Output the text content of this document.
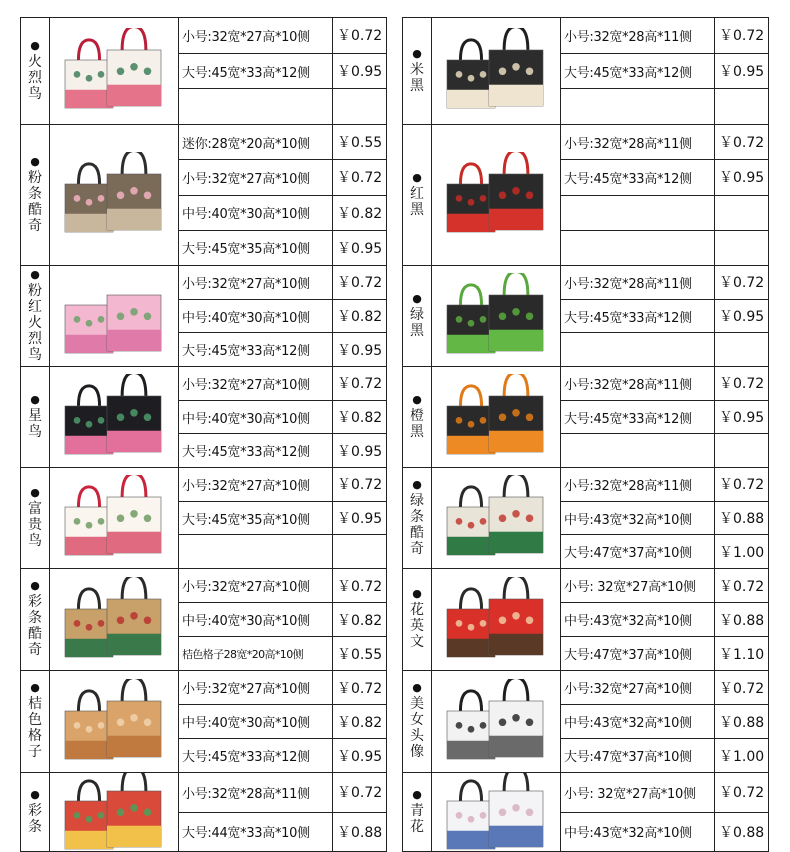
●
火烈鸟
小号:32宽*27高*10侧	￥0.72
大号:45宽*33高*12侧	￥0.95
●
粉条酷奇
迷你:28宽*20高*10侧	￥0.55
小号:32宽*27高*10侧	￥0.72
中号:40宽*30高*10侧	￥0.82
大号:45宽*35高*10侧	￥0.95
●
粉红火烈鸟
小号:32宽*27高*10侧	￥0.72
中号:40宽*30高*10侧	￥0.82
大号:45宽*33高*12侧	￥0.95
●
星鸟
小号:32宽*27高*10侧	￥0.72
中号:40宽*30高*10侧	￥0.82
大号:45宽*33高*12侧	￥0.95
●
富贵鸟
小号:32宽*27高*10侧	￥0.72
大号:45宽*35高*10侧	￥0.95
●
彩条酷奇
小号:32宽*27高*10侧	￥0.72
中号:40宽*30高*10侧	￥0.82
桔色格子28宽*20高*10侧	￥0.55
●
桔色格子
小号:32宽*27高*10侧	￥0.72
中号:40宽*30高*10侧	￥0.82
大号:45宽*33高*12侧	￥0.95
●
彩条
小号:32宽*28高*11侧	￥0.72
大号:44宽*33高*10侧	￥0.88
●
米黑
小号:32宽*28高*11侧	￥0.72
大号:45宽*33高*12侧	￥0.95
●
红黑
小号:32宽*28高*11侧	￥0.72
大号:45宽*33高*12侧	￥0.95
●
绿黑
小号:32宽*28高*11侧	￥0.72
大号:45宽*33高*12侧	￥0.95
●
橙黑
小号:32宽*28高*11侧	￥0.72
大号:45宽*33高*12侧	￥0.95
●
绿条酷奇
小号:32宽*28高*11侧	￥0.72
中号:43宽*32高*10侧	￥0.88
大号:47宽*37高*10侧	￥1.00
●
花英文
小号: 32宽*27高*10侧	￥0.72
中号:43宽*32高*10侧	￥0.88
大号:47宽*37高*10侧	￥1.10
●
美女头像
小号:32宽*27高*10侧	￥0.72
中号:43宽*32高*10侧	￥0.88
大号:47宽*37高*10侧	￥1.00
●
青花
小号: 32宽*27高*10侧	￥0.72
中号:43宽*32高*10侧	￥0.88
